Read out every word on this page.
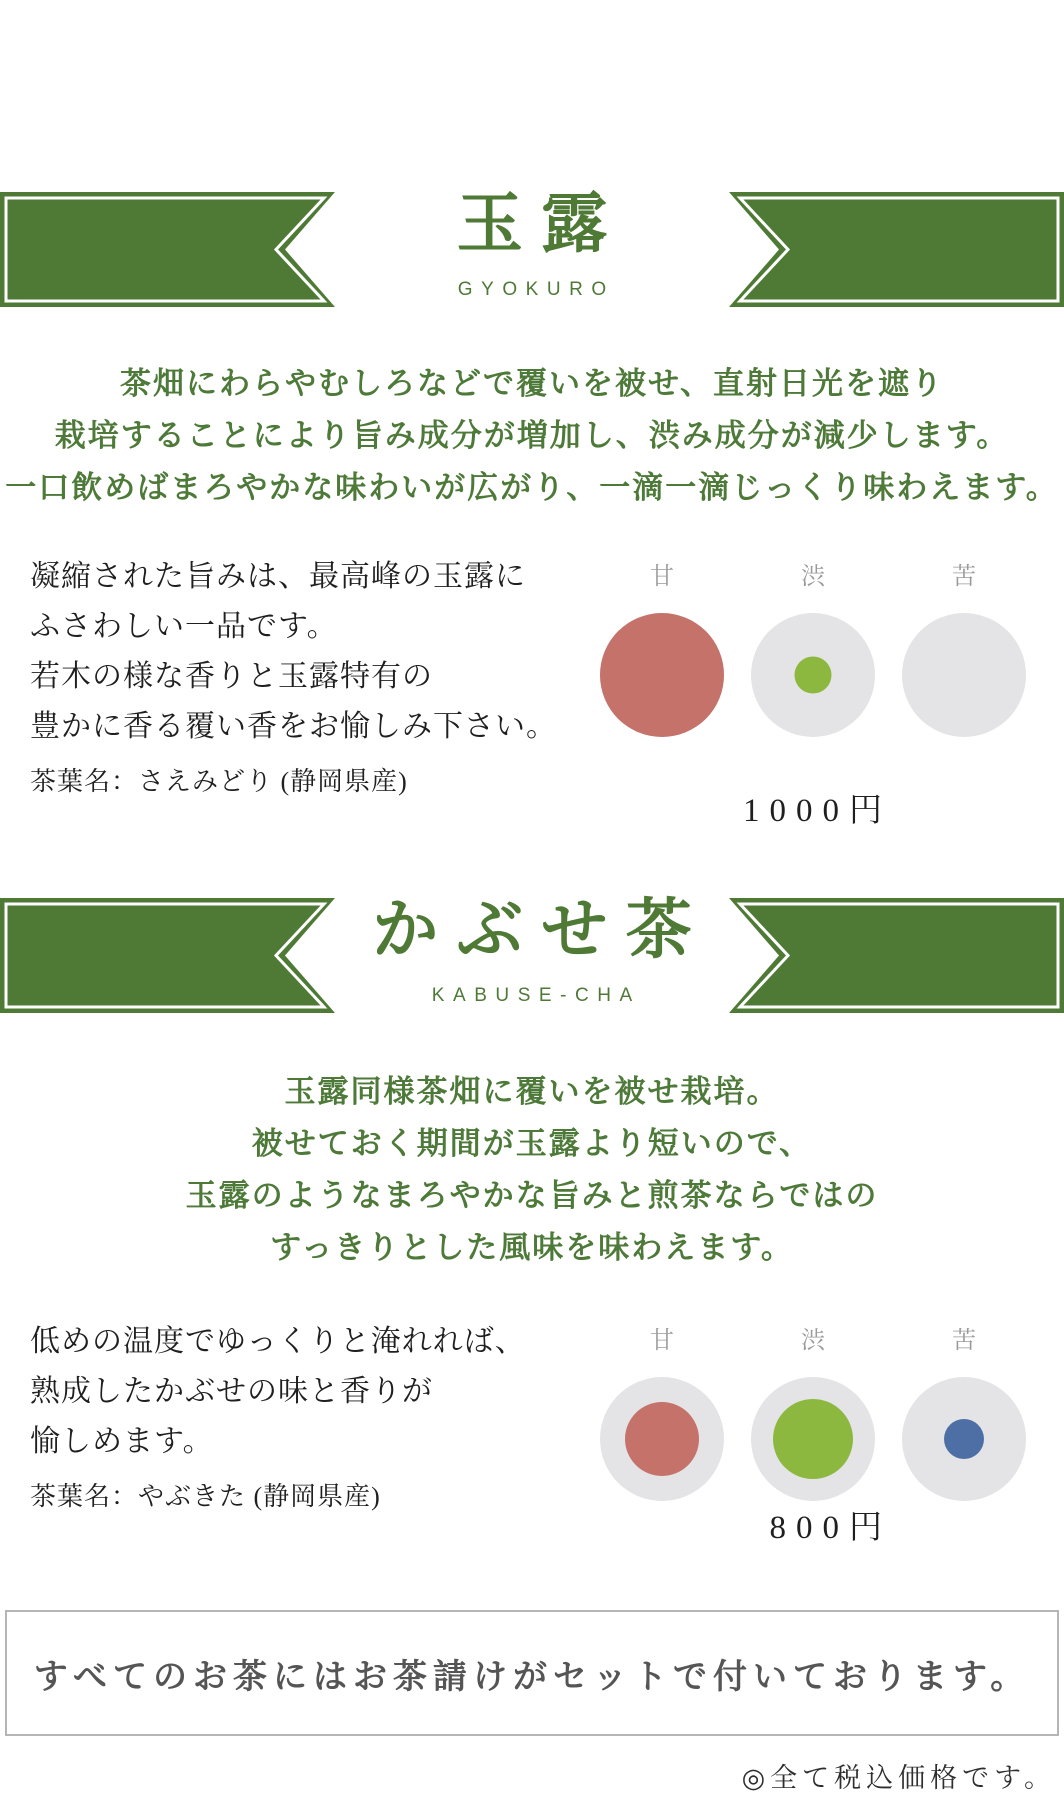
玉露
GYOKURO
茶畑にわらやむしろなどで覆いを被せ、直射日光を遮り
栽培することにより旨み成分が増加し、渋み成分が減少します。
一口飲めばまろやかな味わいが広がり、一滴一滴じっくり味わえます。
凝縮された旨みは、最高峰の玉露に
ふさわしい一品です。
若木の様な香りと玉露特有の
豊かに香る覆い香をお愉しみ下さい。
甘	渋	苦
茶葉名：さえみどり (静岡県産)
1000円
かぶせ茶
KABUSE-CHA
玉露同様茶畑に覆いを被せ栽培。
被せておく期間が玉露より短いので、
玉露のようなまろやかな旨みと煎茶ならではの
すっきりとした風味を味わえます。
低めの温度でゆっくりと淹れれば、
熟成したかぶせの味と香りが
愉しめます。
甘	渋	苦
茶葉名：やぶきた (静岡県産)
800円
すべてのお茶にはお茶請けがセットで付いております。
◎全て税込価格です。
